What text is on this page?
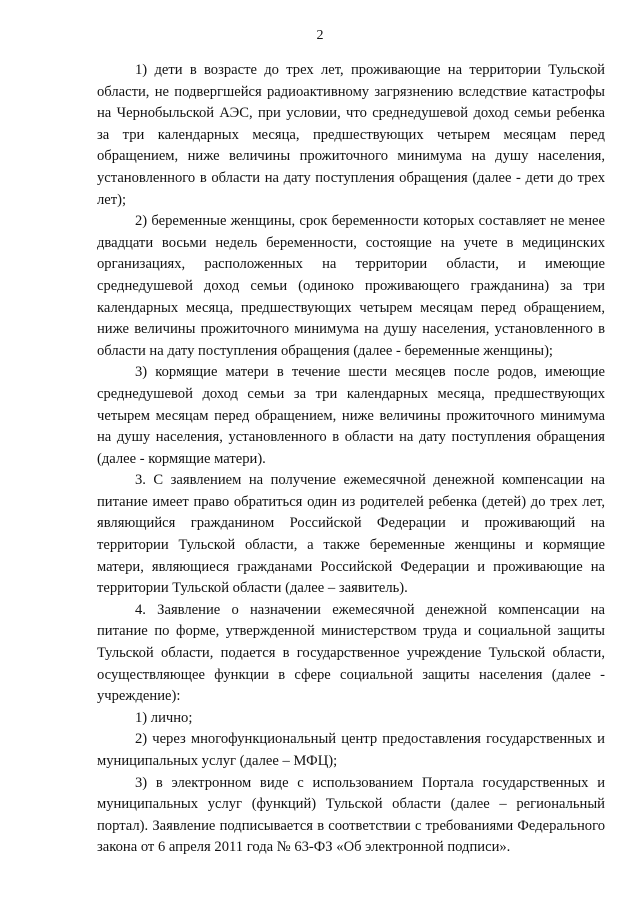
2

1) дети в возрасте до трех лет, проживающие на территории Тульской области, не подвергшейся радиоактивному загрязнению вследствие катастрофы на Чернобыльской АЭС, при условии, что среднедушевой доход семьи ребенка за три календарных месяца, предшествующих четырем месяцам перед обращением, ниже величины прожиточного минимума на душу населения, установленного в области на дату поступления обращения (далее - дети до трех лет);

2) беременные женщины, срок беременности которых составляет не менее двадцати восьми недель беременности, состоящие на учете в медицинских организациях, расположенных на территории области, и имеющие среднедушевой доход семьи (одиноко проживающего гражданина) за три календарных месяца, предшествующих четырем месяцам перед обращением, ниже величины прожиточного минимума на душу населения, установленного в области на дату поступления обращения (далее - беременные женщины);

3) кормящие матери в течение шести месяцев после родов, имеющие среднедушевой доход семьи за три календарных месяца, предшествующих четырем месяцам перед обращением, ниже величины прожиточного минимума на душу населения, установленного в области на дату поступления обращения (далее - кормящие матери).

3. С заявлением на получение ежемесячной денежной компенсации на питание имеет право обратиться один из родителей ребенка (детей) до трех лет, являющийся гражданином Российской Федерации и проживающий на территории Тульской области, а также беременные женщины и кормящие матери, являющиеся гражданами Российской Федерации и проживающие на территории Тульской области (далее – заявитель).

4. Заявление о назначении ежемесячной денежной компенсации на питание по форме, утвержденной министерством труда и социальной защиты Тульской области, подается в государственное учреждение Тульской области, осуществляющее функции в сфере социальной защиты населения (далее - учреждение):

1) лично;

2) через многофункциональный центр предоставления государственных и муниципальных услуг (далее – МФЦ);

3) в электронном виде с использованием Портала государственных и муниципальных услуг (функций) Тульской области (далее – региональный портал). Заявление подписывается в соответствии с требованиями Федерального закона от 6 апреля 2011 года № 63-ФЗ «Об электронной подписи».
